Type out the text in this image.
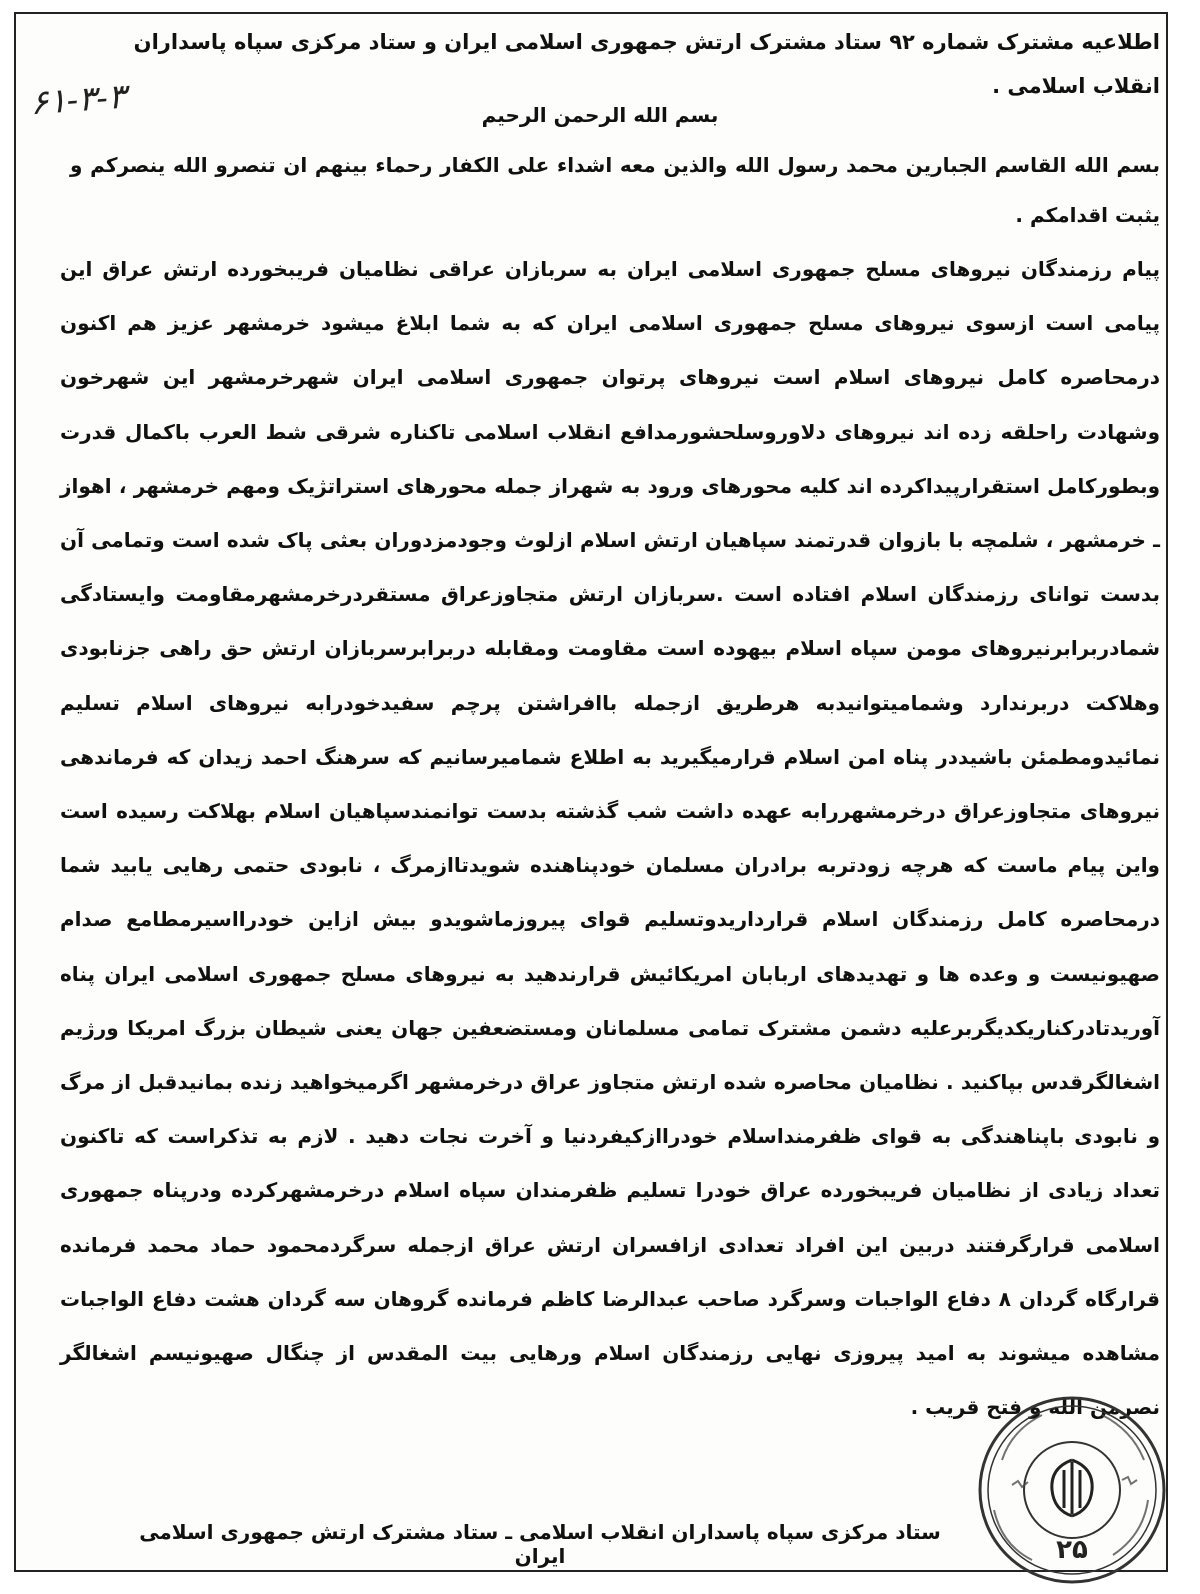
اطلاعیه مشترک شماره ۹۲ ستاد مشترک ارتش جمهوری اسلامی ایران و ستاد مرکزی سپاه پاسداران
انقلاب اسلامی .
۶۱-۳-۳	بسم الله الرحمن الرحیم
بسم الله القاسم الجبارین محمد رسول الله والذین معه اشداء علی الکفار رحماء بینهم ان تنصرو الله ینصرکم و یثبت اقدامکم .

پیام رزمندگان نیروهای مسلح جمهوری اسلامی ایران به سربازان عراقی نظامیان فریبخورده ارتش عراق این پیامی است ازسوی نیروهای مسلح جمهوری اسلامی ایران که به شما ابلاغ میشود خرمشهر عزیز هم اکنون درمحاصره کامل نیروهای اسلام است نیروهای پرتوان جمهوری اسلامی ایران شهرخرمشهر این شهرخون وشهادت راحلقه زده اند نیروهای دلاوروسلحشورمدافع انقلاب اسلامی تاکناره شرقی شط العرب باکمال قدرت وبطورکامل استقرارپیداکرده اند کلیه محورهای ورود به شهراز جمله محورهای استراتژیک ومهم خرمشهر ، اهواز ـ خرمشهر ، شلمچه با بازوان قدرتمند سپاهیان ارتش اسلام ازلوث وجودمزدوران بعثی پاک شده است وتمامی آن بدست توانای رزمندگان اسلام افتاده است .سربازان ارتش متجاوزعراق مستقردرخرمشهرمقاومت وایستادگی شمادربرابرنیروهای مومن سپاه اسلام بیهوده است مقاومت ومقابله دربرابرسربازان ارتش حق راهی جزنابودی وهلاکت دربرندارد وشمامیتوانیدبه هرطریق ازجمله باافراشتن پرچم سفیدخودرابه نیروهای اسلام تسلیم نمائیدومطمئن باشیددر پناه امن اسلام قرارمیگیرید به اطلاع شمامیرسانیم که سرهنگ احمد زیدان که فرماندهی نیروهای متجاوزعراق درخرمشهررابه عهده داشت شب گذشته بدست توانمندسپاهیان اسلام بهلاکت رسیده است واین پیام ماست که هرچه زودتربه برادران مسلمان خودپناهنده شویدتاازمرگ ، نابودی حتمی رهایی یابید شما درمحاصره کامل رزمندگان اسلام قرارداریدوتسلیم قوای پیروزماشویدو بیش ازاین خودرااسیرمطامع صدام صهیونیست و وعده ها و تهدیدهای اربابان امریکائیش قرارندهید به نیروهای مسلح جمهوری اسلامی ایران پناه آوریدتادرکناریکدیگربرعلیه دشمن مشترک تمامی مسلمانان ومستضعفین جهان یعنی شیطان بزرگ امریکا ورژیم اشغالگرقدس بپاکنید . نظامیان محاصره شده ارتش متجاوز عراق درخرمشهر اگرمیخواهید زنده بمانیدقبل از مرگ و نابودی باپناهندگی به قوای ظفرمنداسلام خودراازکیفردنیا و آخرت نجات دهید . لازم به تذکراست که تاکنون تعداد زیادی از نظامیان فریبخورده عراق خودرا تسلیم ظفرمندان سپاه اسلام درخرمشهرکرده ودرپناه جمهوری اسلامی قرارگرفتند دربین این افراد تعدادی ازافسران ارتش عراق ازجمله سرگردمحمود حماد محمد فرمانده قرارگاه گردان ۸ دفاع الواجبات وسرگرد صاحب عبدالرضا کاظم فرمانده گروهان سه گردان هشت دفاع الواجبات مشاهده میشوند به امید پیروزی نهایی رزمندگان اسلام ورهایی بیت المقدس از چنگال صهیونیسم اشغالگر نصرمن الله و فتح قریب .

ستاد مرکزی سپاه پاسداران انقلاب اسلامی ـ ستاد مشترک ارتش جمهوری اسلامی ایران	۲۵
